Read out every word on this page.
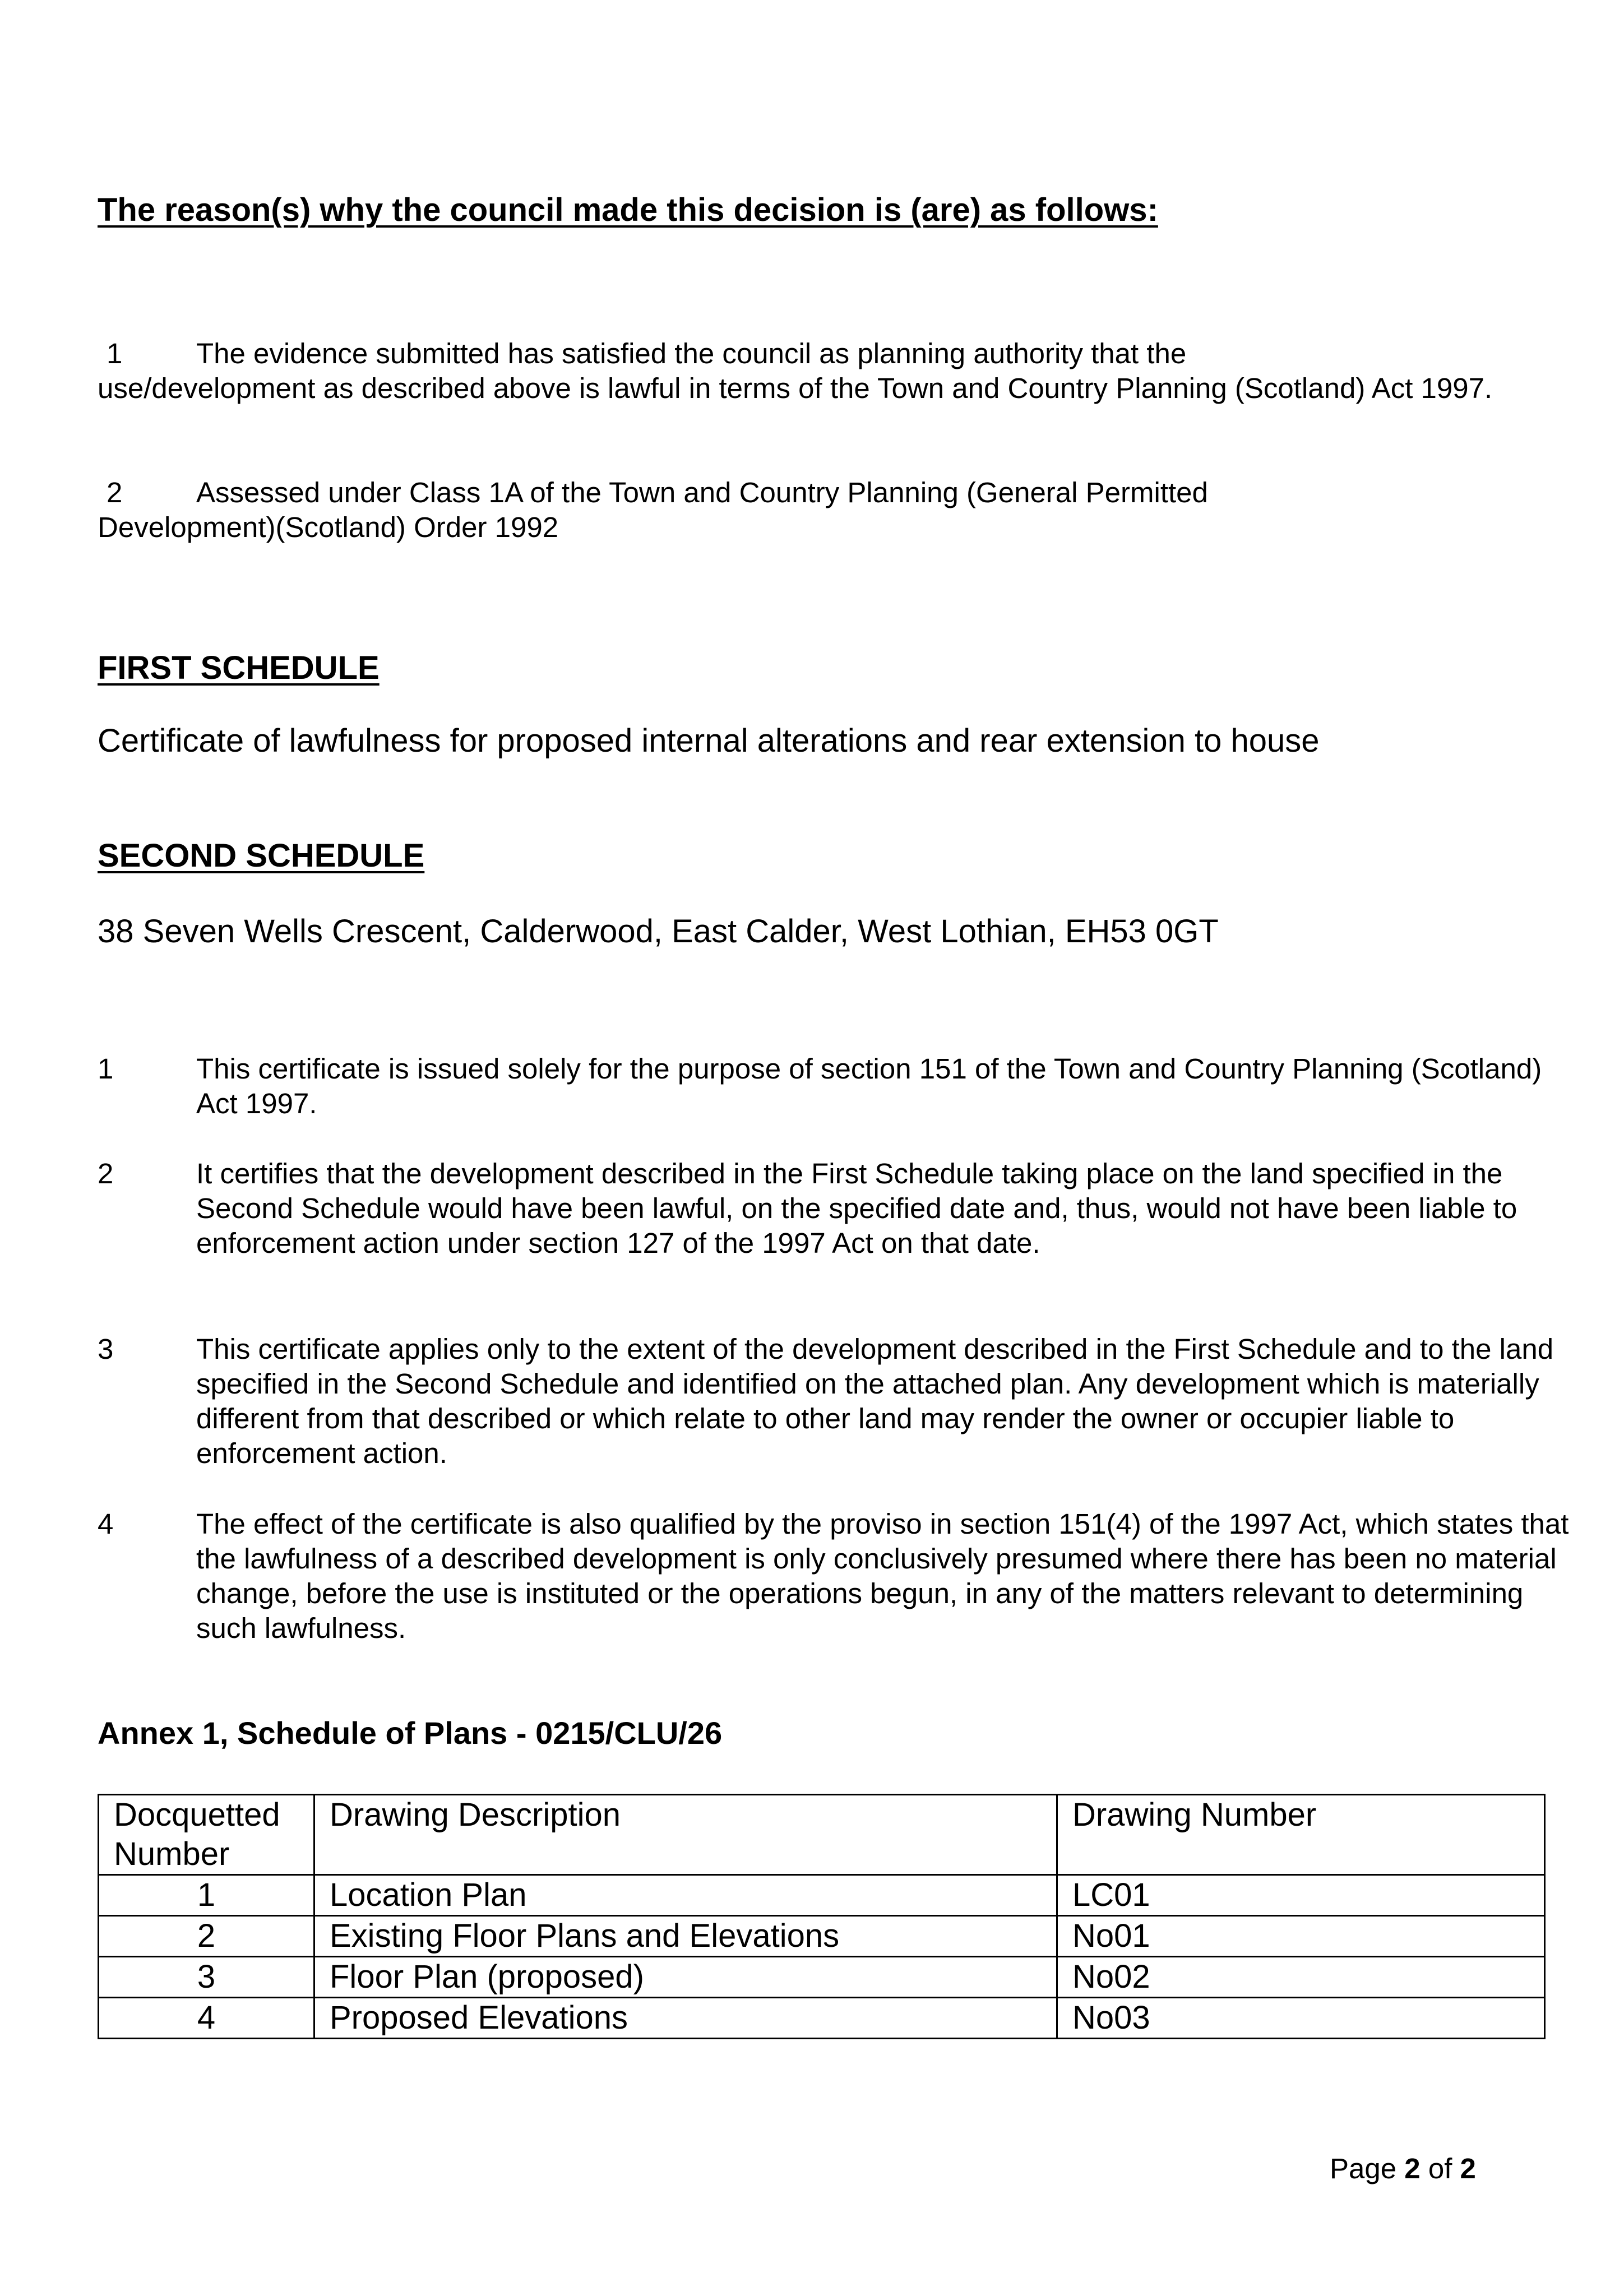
The reason(s) why the council made this decision is (are) as follows:
1	The evidence submitted has satisfied the council as planning authority that the
use/development as described above is lawful in terms of the Town and Country Planning (Scotland) Act 1997.
2	Assessed under Class 1A of the Town and Country Planning (General Permitted
Development)(Scotland) Order 1992
FIRST SCHEDULE
Certificate of lawfulness for proposed internal alterations and rear extension to house
SECOND SCHEDULE
38 Seven Wells Crescent, Calderwood, East Calder, West Lothian, EH53 0GT
1	This certificate is issued solely for the purpose of section 151 of the Town and Country Planning (Scotland) Act 1997.
2	It certifies that the development described in the First Schedule taking place on the land specified in the Second Schedule would have been lawful, on the specified date and, thus, would not have been liable to enforcement action under section 127 of the 1997 Act on that date.
3	This certificate applies only to the extent of the development described in the First Schedule and to the land specified in the Second Schedule and identified on the attached plan. Any development which is materially different from that described or which relate to other land may render the owner or occupier liable to enforcement action.
4	The effect of the certificate is also qualified by the proviso in section 151(4) of the 1997 Act, which states that the lawfulness of a described development is only conclusively presumed where there has been no material change, before the use is instituted or the operations begun, in any of the matters relevant to determining such lawfulness.
Annex 1, Schedule of Plans - 0215/CLU/26
Docquetted Number	Drawing Description	Drawing Number
1	Location Plan	LC01
2	Existing Floor Plans and Elevations	No01
3	Floor Plan (proposed)	No02
4	Proposed Elevations	No03
Page 2 of 2
